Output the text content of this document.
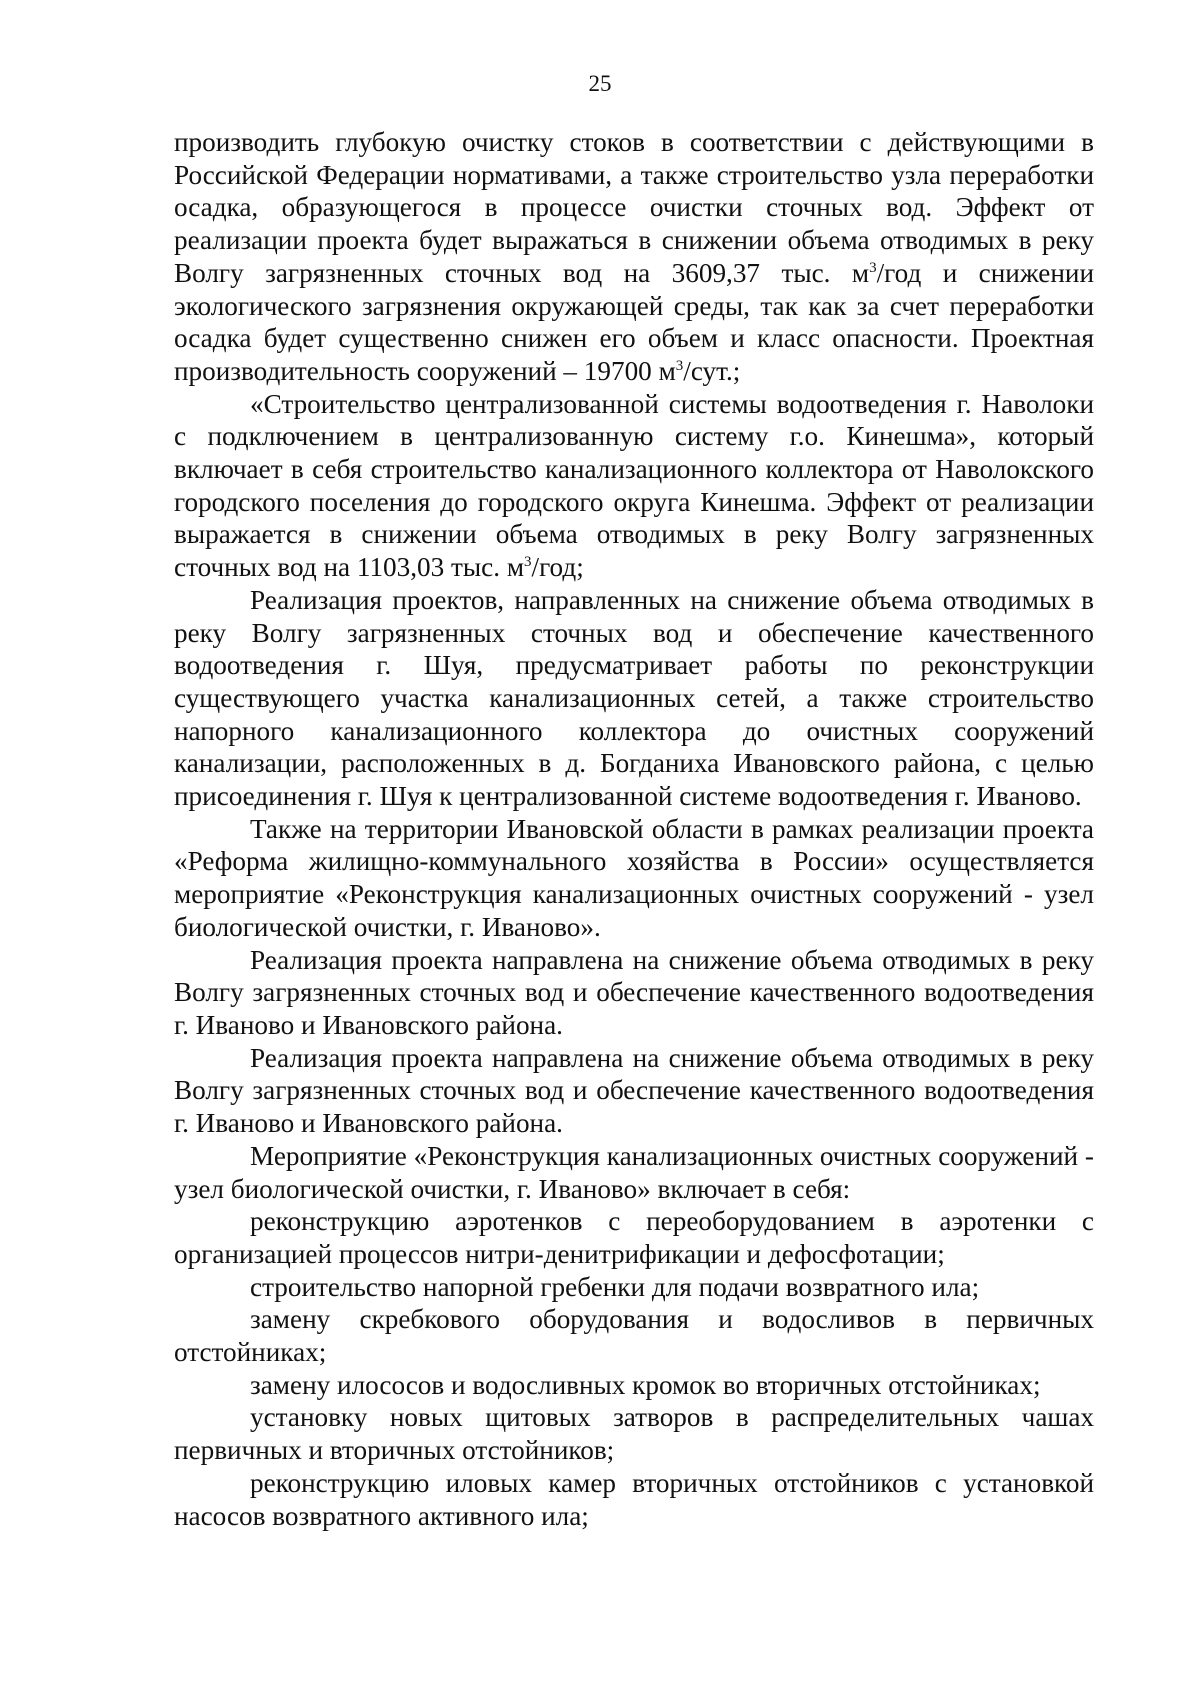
25

производить глубокую очистку стоков в соответствии с действующими в Российской Федерации нормативами, а также строительство узла переработки осадка, образующегося в процессе очистки сточных вод. Эффект от реализации проекта будет выражаться в снижении объема отводимых в реку Волгу загрязненных сточных вод на 3609,37 тыс. $м^3$/год и снижении экологического загрязнения окружающей среды, так как за счет переработки осадка будет существенно снижен его объем и класс опасности. Проектная производительность сооружений – 19700 $м^3$/сут.;

«Строительство централизованной системы водоотведения г. Наволоки с подключением в централизованную систему г.о. Кинешма», который включает в себя строительство канализационного коллектора от Наволокского городского поселения до городского округа Кинешма. Эффект от реализации выражается в снижении объема отводимых в реку Волгу загрязненных сточных вод на 1103,03 тыс. $м^3$/год;

Реализация проектов, направленных на снижение объема отводимых в реку Волгу загрязненных сточных вод и обеспечение качественного водоотведения г. Шуя, предусматривает работы по реконструкции существующего участка канализационных сетей, а также строительство напорного канализационного коллектора до очистных сооружений канализации, расположенных в д. Богданиха Ивановского района, с целью присоединения г. Шуя к централизованной системе водоотведения г. Иваново.

Также на территории Ивановской области в рамках реализации проекта «Реформа жилищно-коммунального хозяйства в России» осуществляется мероприятие «Реконструкция канализационных очистных сооружений - узел биологической очистки, г. Иваново».

Реализация проекта направлена на снижение объема отводимых в реку Волгу загрязненных сточных вод и обеспечение качественного водоотведения г. Иваново и Ивановского района.

Реализация проекта направлена на снижение объема отводимых в реку Волгу загрязненных сточных вод и обеспечение качественного водоотведения г. Иваново и Ивановского района.

Мероприятие «Реконструкция канализационных очистных сооружений - узел биологической очистки, г. Иваново» включает в себя:

реконструкцию аэротенков с переоборудованием в аэротенки с организацией процессов нитри-денитрификации и дефосфотации;

строительство напорной гребенки для подачи возвратного ила;

замену скребкового оборудования и водосливов в первичных отстойниках;

замену илососов и водосливных кромок во вторичных отстойниках;

установку новых щитовых затворов в распределительных чашах первичных и вторичных отстойников;

реконструкцию иловых камер вторичных отстойников с установкой насосов возвратного активного ила;
